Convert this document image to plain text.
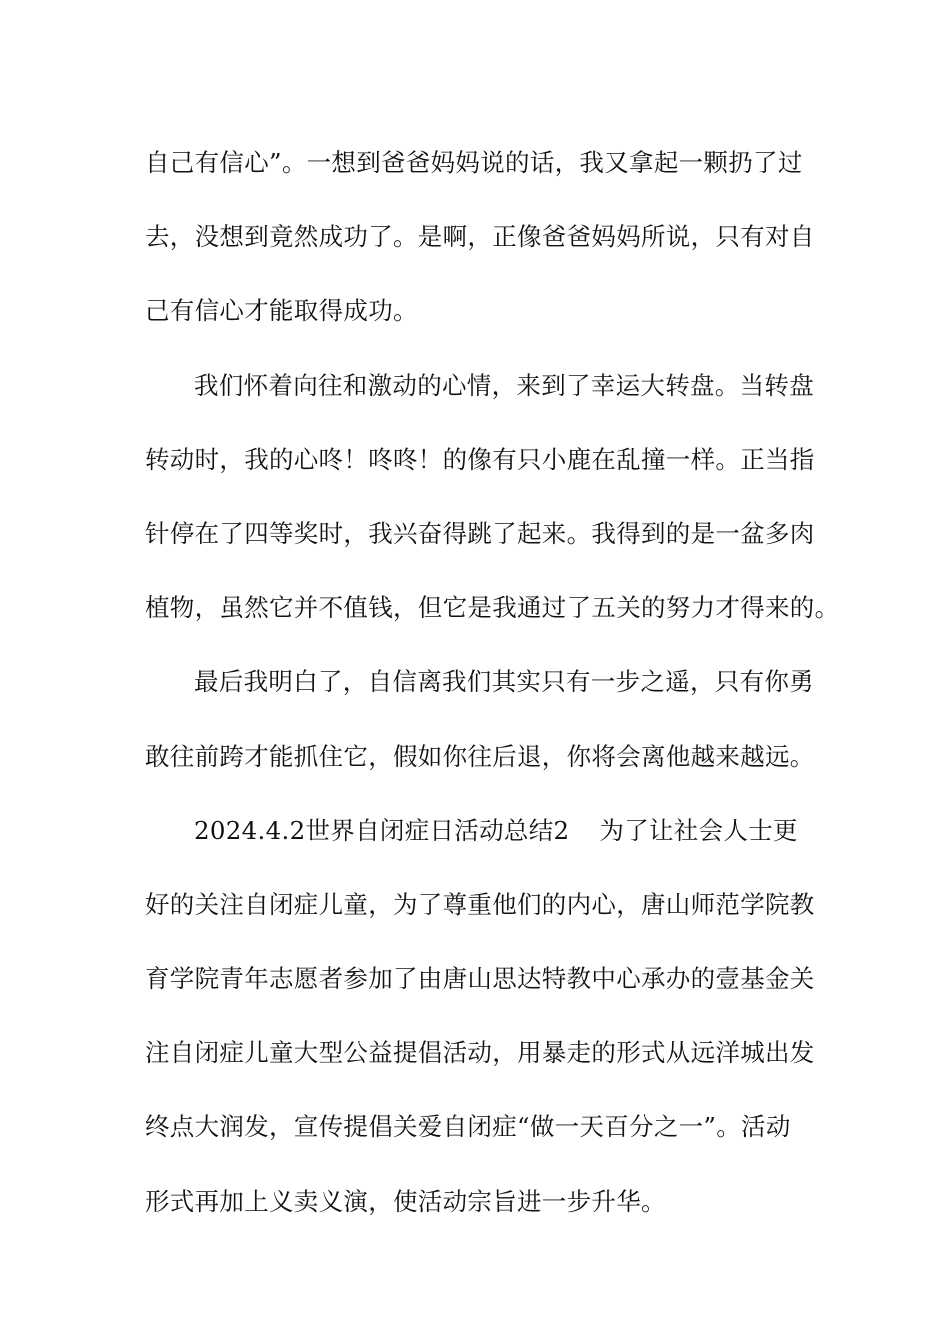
自己有信心”。一想到爸爸妈妈说的话，我又拿起一颗扔了过
去，没想到竟然成功了。是啊，正像爸爸妈妈所说，只有对自
己有信心才能取得成功。
我们怀着向往和激动的心情，来到了幸运大转盘。当转盘
转动时，我的心咚！咚咚！的像有只小鹿在乱撞一样。正当指
针停在了四等奖时，我兴奋得跳了起来。我得到的是一盆多肉
植物，虽然它并不值钱，但它是我通过了五关的努力才得来的。
最后我明白了，自信离我们其实只有一步之遥，只有你勇
敢往前跨才能抓住它，假如你往后退，你将会离他越来越远。
2024.4.2世界自闭症日活动总结2 为了让社会人士更
好的关注自闭症儿童，为了尊重他们的内心，唐山师范学院教
育学院青年志愿者参加了由唐山思达特教中心承办的壹基金关
注自闭症儿童大型公益提倡活动，用暴走的形式从远洋城出发
终点大润发，宣传提倡关爱自闭症“做一天百分之一”。活动
形式再加上义卖义演，使活动宗旨进一步升华。
